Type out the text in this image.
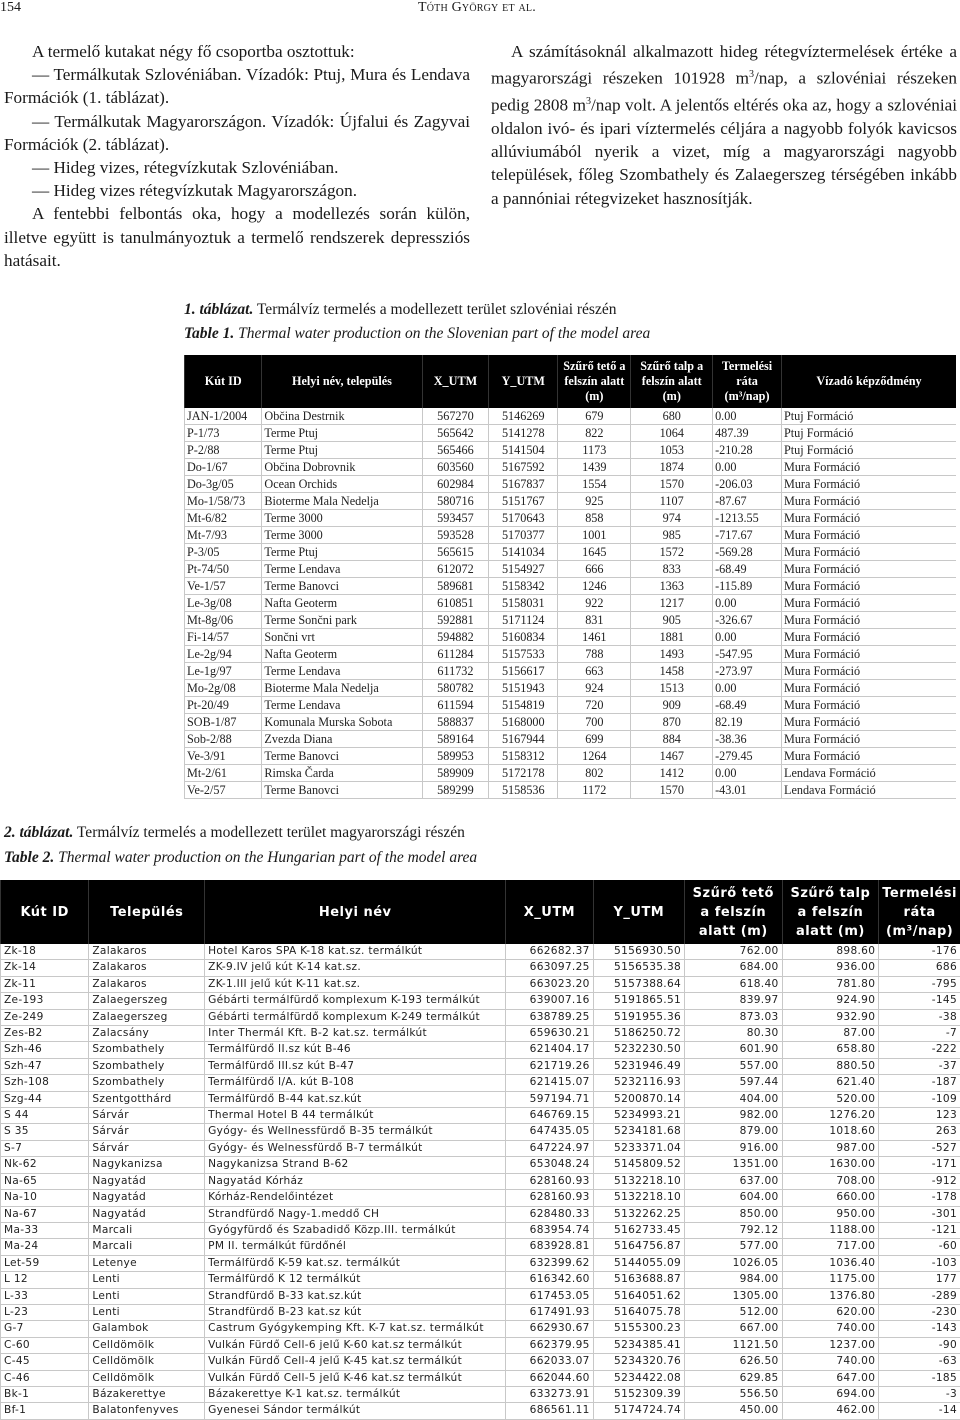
154	Tóth György et al.

A termelő kutakat négy fő csoportba osztottuk:

— Termálkutak Szlovéniában. Vízadók: Ptuj, Mura és Lendava Formációk (1. táblázat).

— Termálkutak Magyarországon. Vízadók: Újfalui és Zagyvai Formációk (2. táblázat).

— Hideg vizes, rétegvízkutak Szlovéniában.

— Hideg vizes rétegvízkutak Magyarországon.

A fentebbi felbontás oka, hogy a modellezés során külön, illetve együtt is tanulmányoztuk a termelő rendszerek depressziós hatásait.

A számításoknál alkalmazott hideg rétegvíztermelések értéke a magyarországi részeken 101928 $m^3$/nap, a szlovéniai részeken pedig 2808 $m^3$/nap volt. A jelentős eltérés oka az, hogy a szlovéniai oldalon ivó- és ipari víztermelés céljára a nagyobb folyók kavicsos allúviumából nyerik a vizet, míg a magyarországi nagyobb települések, főleg Szombathely és Zalaegerszeg térségében inkább a pannóniai rétegvizeket hasznosítják.

1. táblázat. Termálvíz termelés a modellezett terület szlovéniai részén
Table 1. Thermal water production on the Slovenian part of the model area
Kút ID	Helyi név, település	X_UTM	Y_UTM	Szűrő tető a felszín alatt (m)	Szűrő talp a felszín alatt (m)	Termelési ráta (m³/nap)	Vízadó képződmény
JAN-1/2004	Občina Destrnik	567270	5146269	679	680	0.00	Ptuj Formáció
P-1/73	Terme Ptuj	565642	5141278	822	1064	487.39	Ptuj Formáció
P-2/88	Terme Ptuj	565466	5141504	1173	1053	-210.28	Ptuj Formáció
Do-1/67	Občina Dobrovnik	603560	5167592	1439	1874	0.00	Mura Formáció
Do-3g/05	Ocean Orchids	602984	5167837	1554	1570	-206.03	Mura Formáció
Mo-1/58/73	Bioterme Mala Nedelja	580716	5151767	925	1107	-87.67	Mura Formáció
Mt-6/82	Terme 3000	593457	5170643	858	974	-1213.55	Mura Formáció
Mt-7/93	Terme 3000	593528	5170377	1001	985	-717.67	Mura Formáció
P-3/05	Terme Ptuj	565615	5141034	1645	1572	-569.28	Mura Formáció
Pt-74/50	Terme Lendava	612072	5154927	666	833	-68.49	Mura Formáció
Ve-1/57	Terme Banovci	589681	5158342	1246	1363	-115.89	Mura Formáció
Le-3g/08	Nafta Geoterm	610851	5158031	922	1217	0.00	Mura Formáció
Mt-8g/06	Terme Sončni park	592881	5171124	831	905	-326.67	Mura Formáció
Fi-14/57	Sončni vrt	594882	5160834	1461	1881	0.00	Mura Formáció
Le-2g/94	Nafta Geoterm	611284	5157533	788	1493	-547.95	Mura Formáció
Le-1g/97	Terme Lendava	611732	5156617	663	1458	-273.97	Mura Formáció
Mo-2g/08	Bioterme Mala Nedelja	580782	5151943	924	1513	0.00	Mura Formáció
Pt-20/49	Terme Lendava	611594	5154819	720	909	-68.49	Mura Formáció
SOB-1/87	Komunala Murska Sobota	588837	5168000	700	870	82.19	Mura Formáció
Sob-2/88	Zvezda Diana	589164	5167944	699	884	-38.36	Mura Formáció
Ve-3/91	Terme Banovci	589953	5158312	1264	1467	-279.45	Mura Formáció
Mt-2/61	Rimska Čarda	589909	5172178	802	1412	0.00	Lendava Formáció
Ve-2/57	Terme Banovci	589299	5158536	1172	1570	-43.01	Lendava Formáció
2. táblázat. Termálvíz termelés a modellezett terület magyarországi részén
Table 2. Thermal water production on the Hungarian part of the model area
Kút ID	Település	Helyi név	X_UTM	Y_UTM	Szűrő tető a felszín alatt (m)	Szűrő talp a felszín alatt (m)	Termelési ráta (m³/nap)
Zk-18	Zalakaros	Hotel Karos SPA K-18 kat.sz. termálkút	662682.37	5156930.50	762.00	898.60	-176
Zk-14	Zalakaros	ZK-9.IV jelű kút K-14 kat.sz.	663097.25	5156535.38	684.00	936.00	686
Zk-11	Zalakaros	ZK-1.III jelű kút K-11 kat.sz.	663023.20	5157388.64	618.40	781.80	-795
Ze-193	Zalaegerszeg	Gébárti termálfürdő komplexum K-193 termálkút	639007.16	5191865.51	839.97	924.90	-145
Ze-249	Zalaegerszeg	Gébárti termálfürdő komplexum K-249 termálkút	638789.25	5191955.36	873.03	932.90	-38
Zes-B2	Zalacsány	Inter Thermál Kft. B-2 kat.sz. termálkút	659630.21	5186250.72	80.30	87.00	-7
Szh-46	Szombathely	Termálfürdő II.sz kút B-46	621404.17	5232230.50	601.90	658.80	-222
Szh-47	Szombathely	Termálfürdő III.sz kút B-47	621719.26	5231946.49	557.00	880.50	-37
Szh-108	Szombathely	Termálfürdő I/A. kút B-108	621415.07	5232116.93	597.44	621.40	-187
Szg-44	Szentgotthárd	Termálfürdő B-44 kat.sz.kút	597194.71	5200870.14	404.00	520.00	-109
S 44	Sárvár	Thermal Hotel B 44 termálkút	646769.15	5234993.21	982.00	1276.20	123
S 35	Sárvár	Gyógy- és Wellnessfürdő B-35 termálkút	647435.05	5234181.68	879.00	1018.60	263
S-7	Sárvár	Gyógy- és Welnessfürdő B-7 termálkút	647224.97	5233371.04	916.00	987.00	-527
Nk-62	Nagykanizsa	Nagykanizsa Strand B-62	653048.24	5145809.52	1351.00	1630.00	-171
Na-65	Nagyatád	Nagyatád Kórház	628160.93	5132218.10	637.00	708.00	-912
Na-10	Nagyatád	Kórház-Rendelőintézet	628160.93	5132218.10	604.00	660.00	-178
Na-67	Nagyatád	Strandfürdő Nagy-1.meddő CH	628480.33	5132262.25	850.00	950.00	-301
Ma-33	Marcali	Gyógyfürdő és Szabadidő Közp.III. termálkút	683954.74	5162733.45	792.12	1188.00	-121
Ma-24	Marcali	PM II. termálkút fürdőnél	683928.81	5164756.87	577.00	717.00	-60
Let-59	Letenye	Termálfürdő K-59 kat.sz. termálkút	632399.62	5144055.09	1026.05	1036.40	-103
L 12	Lenti	Termálfürdő K 12 termálkút	616342.60	5163688.87	984.00	1175.00	177
L-33	Lenti	Strandfürdő B-33 kat.sz.kút	617453.05	5164051.62	1305.00	1376.80	-289
L-23	Lenti	Strandfürdő B-23 kat.sz kút	617491.93	5164075.78	512.00	620.00	-230
G-7	Galambok	Castrum Gyógykemping Kft. K-7 kat.sz. termálkút	662930.67	5155300.23	667.00	740.00	-143
C-60	Celldömölk	Vulkán Fürdő Cell-6 jelű K-60 kat.sz termálkút	662379.95	5234385.41	1121.50	1237.00	-90
C-45	Celldömölk	Vulkán Fürdő Cell-4 jelű K-45 kat.sz termálkút	662033.07	5234320.76	626.50	740.00	-63
C-46	Celldömölk	Vulkán Fürdő Cell-5 jelű K-46 kat.sz termálkút	662044.60	5234422.08	629.85	647.00	-185
Bk-1	Bázakerettye	Bázakerettye K-1 kat.sz. termálkút	633273.91	5152309.39	556.50	694.00	-3
Bf-1	Balatonfenyves	Gyenesei Sándor termálkút	686561.11	5174724.74	450.00	462.00	-14
